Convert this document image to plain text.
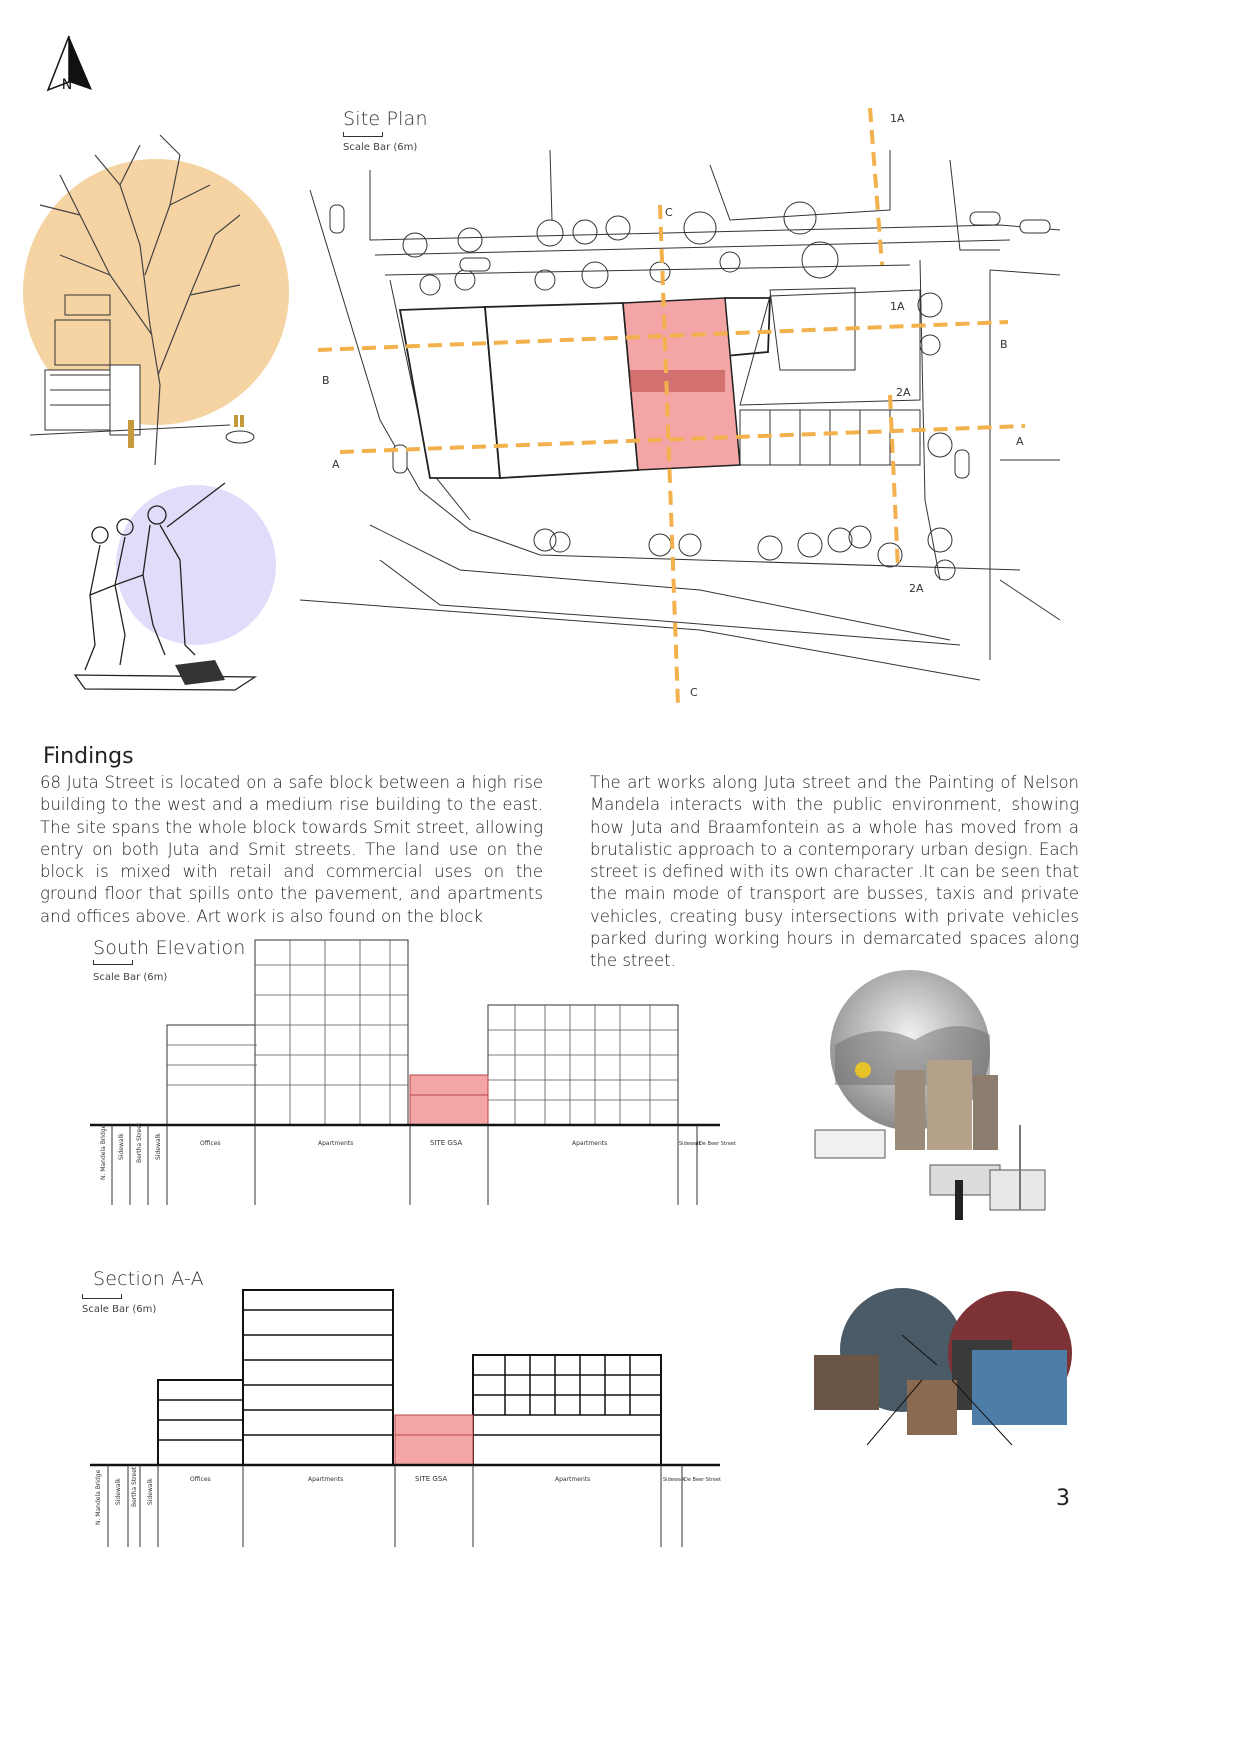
N
Site Plan
Scale Bar (6m)
B
B
A
A
C
C
1A
1A
2A
2A
Findings
68 Juta Street is located on a safe block between a high rise building to the west and a medium rise building to the east. The site spans the whole block towards Smit street, allowing entry on both Juta and Smit streets. The land use on the block is mixed with retail and commercial uses on the ground floor that spills onto the pavement, and apartments and offices above. Art work is also found on the block
The art works along Juta street and the Painting of Nelson Mandela interacts with the public environment, showing how Juta and Braamfontein as a whole has moved from a brutalistic approach to a contemporary urban design. Each street is defined with its own character .It can be seen that the main mode of transport are busses, taxis and private vehicles, creating busy intersections with private vehicles parked during working hours in demarcated spaces along the street.
South Elevation
Scale Bar (6m)
N. Mandela Bridge Sidewalk Bertha Street Sidewalk	Offices	Apartments	SITE GSA	Apartments	Sidewalk
De Beer Street
Section A-A
Scale Bar (6m)
N. Mandela Bridge Sidewalk Bertha Street Sidewalk	Offices	Apartments	SITE GSA	Apartments	Sidewalk
De Beer Street
3
